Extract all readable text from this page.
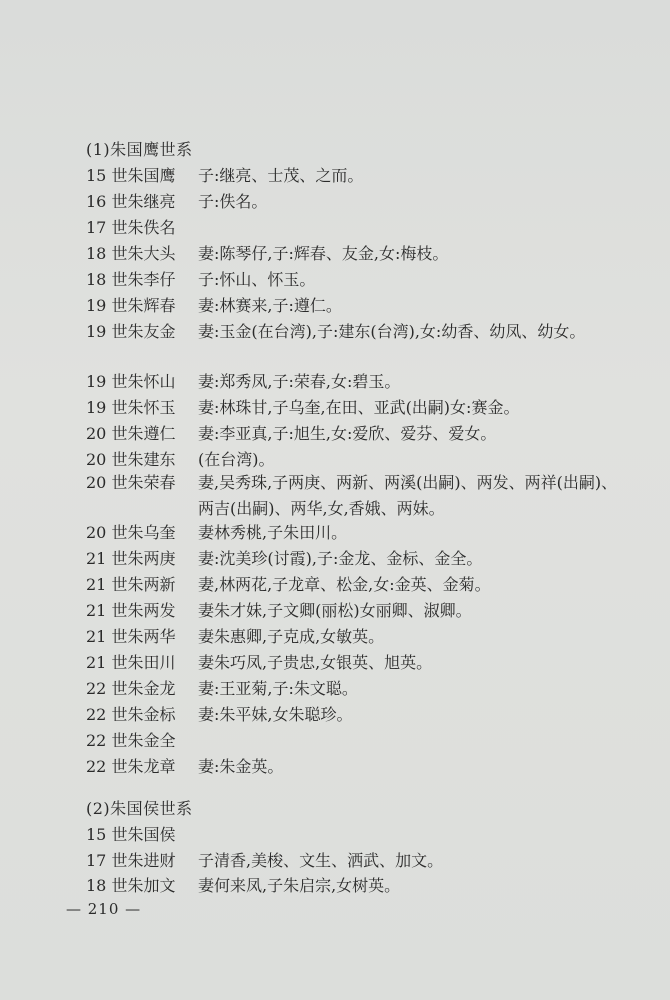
(1)朱国鹰世系
15 世朱国鹰	子:继亮、士茂、之而。
16 世朱继亮	子:佚名。
17 世朱佚名
18 世朱大头	妻:陈琴仔,子:辉春、友金,女:梅枝。
18 世朱李仔	子:怀山、怀玉。
19 世朱辉春	妻:林赛来,子:遵仁。
19 世朱友金	妻:玉金(在台湾),子:建东(台湾),女:幼香、幼凤、幼女。
19 世朱怀山	妻:郑秀凤,子:荣春,女:碧玉。
19 世朱怀玉	妻:林珠甘,子乌奎,在田、亚武(出嗣)女:赛金。
20 世朱遵仁	妻:李亚真,子:旭生,女:爱欣、爱芬、爱女。
20 世朱建东	(在台湾)。
20 世朱荣春	妻,吴秀珠,子两庚、两新、两溪(出嗣)、两发、两祥(出嗣)、两吉(出嗣)、两华,女,香娥、两妹。
20 世朱乌奎	妻林秀桃,子朱田川。
21 世朱两庚	妻:沈美珍(讨霞),子:金龙、金标、金全。
21 世朱两新	妻,林两花,子龙章、松金,女:金英、金菊。
21 世朱两发	妻朱才妹,子文卿(丽松)女丽卿、淑卿。
21 世朱两华	妻朱惠卿,子克成,女敏英。
21 世朱田川	妻朱巧凤,子贵忠,女银英、旭英。
22 世朱金龙	妻:王亚菊,子:朱文聪。
22 世朱金标	妻:朱平妹,女朱聪珍。
22 世朱金全
22 世朱龙章	妻:朱金英。
(2)朱国侯世系
15 世朱国侯
17 世朱进财	子清香,美梭、文生、洒武、加文。
18 世朱加文	妻何来凤,子朱启宗,女树英。
— 210 —
